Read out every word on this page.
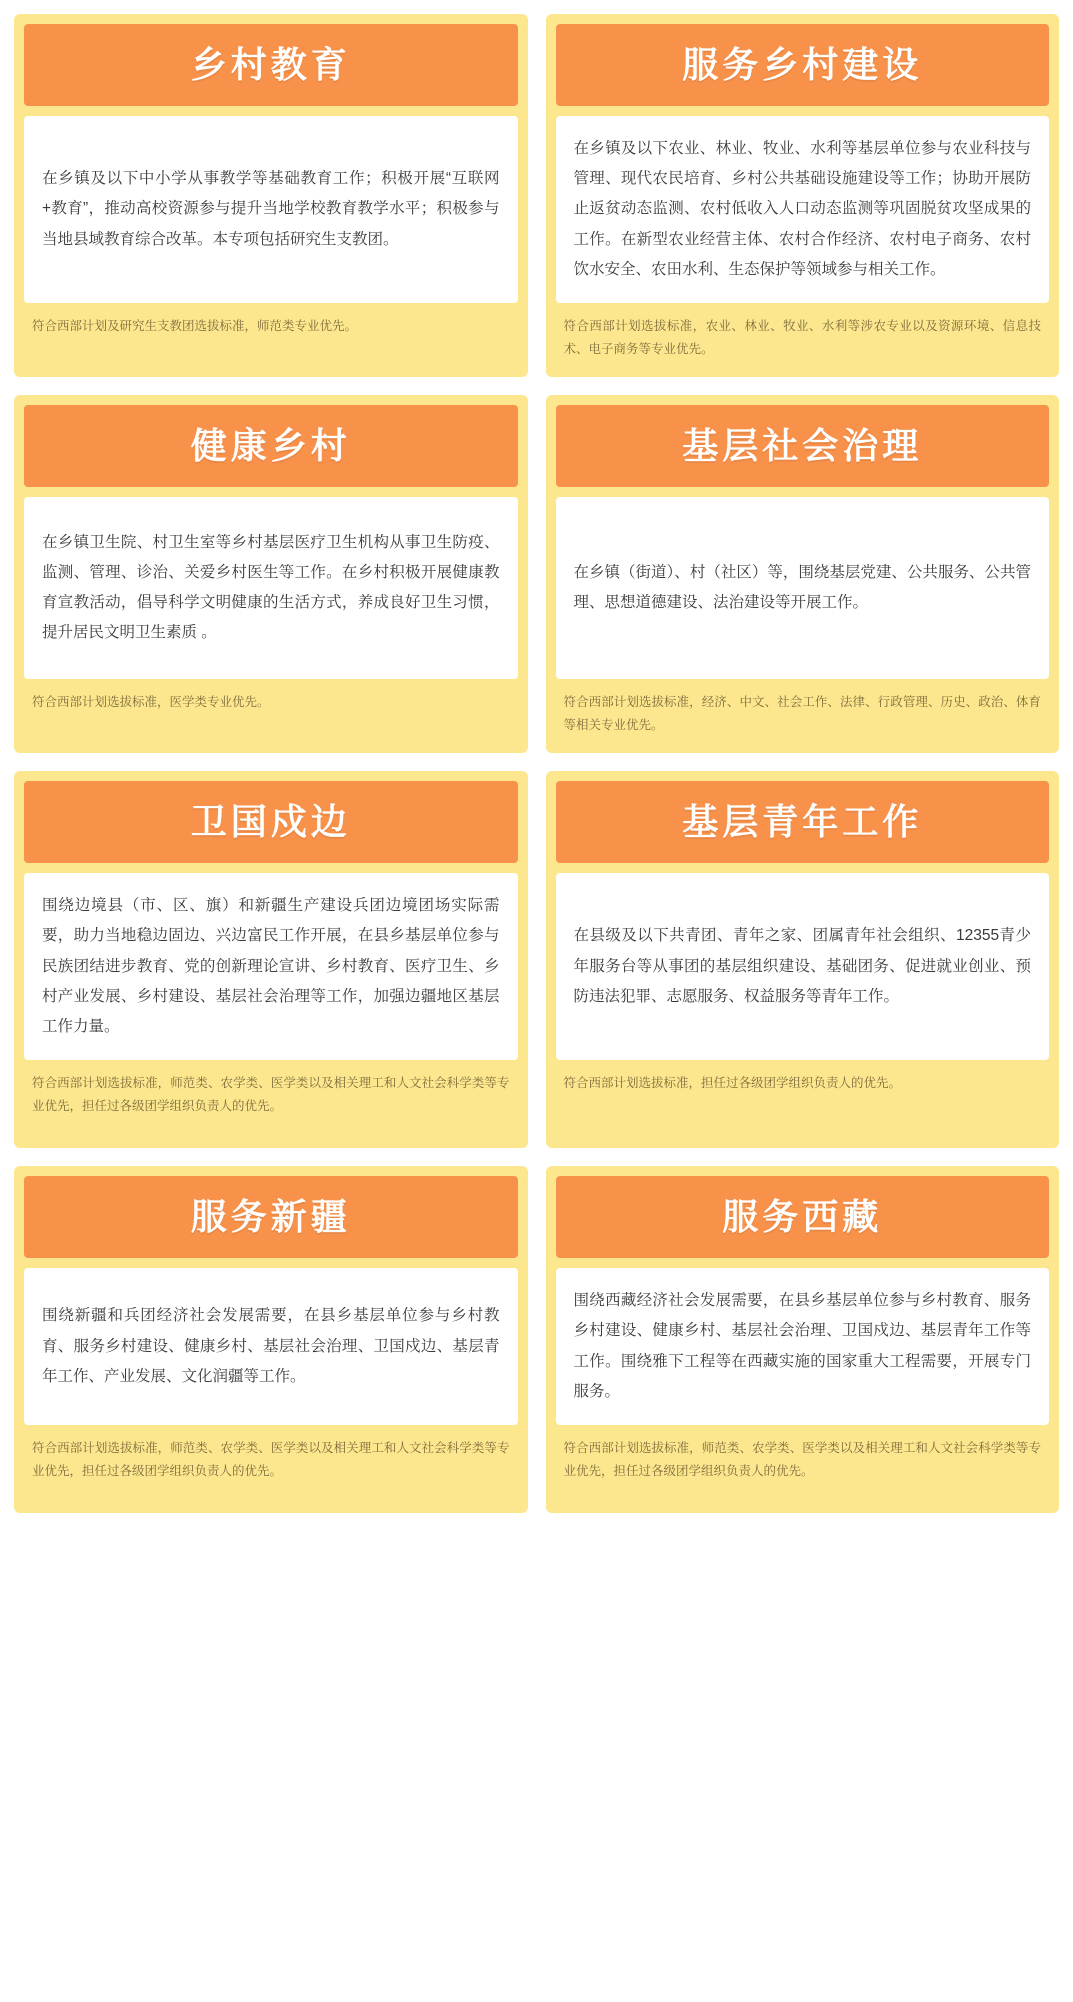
乡村教育

在乡镇及以下中小学从事教学等基础教育工作；积极开展“互联网+教育”，推动高校资源参与提升当地学校教育教学水平；积极参与当地县域教育综合改革。本专项包括研究生支教团。

符合西部计划及研究生支教团选拔标准，师范类专业优先。
服务乡村建设

在乡镇及以下农业、林业、牧业、水利等基层单位参与农业科技与管理、现代农民培育、乡村公共基础设施建设等工作；协助开展防止返贫动态监测、农村低收入人口动态监测等巩固脱贫攻坚成果的工作。在新型农业经营主体、农村合作经济、农村电子商务、农村饮水安全、农田水利、生态保护等领域参与相关工作。

符合西部计划选拔标准，农业、林业、牧业、水利等涉农专业以及资源环境、信息技术、电子商务等专业优先。
健康乡村

在乡镇卫生院、村卫生室等乡村基层医疗卫生机构从事卫生防疫、监测、管理、诊治、关爱乡村医生等工作。在乡村积极开展健康教育宣教活动，倡导科学文明健康的生活方式，养成良好卫生习惯，提升居民文明卫生素质 。

符合西部计划选拔标准，医学类专业优先。
基层社会治理

在乡镇（街道）、村（社区）等，围绕基层党建、公共服务、公共管理、思想道德建设、法治建设等开展工作。

符合西部计划选拔标准，经济、中文、社会工作、法律、行政管理、历史、政治、体育等相关专业优先。
卫国戍边

围绕边境县（市、区、旗）和新疆生产建设兵团边境团场实际需要，助力当地稳边固边、兴边富民工作开展，在县乡基层单位参与民族团结进步教育、党的创新理论宣讲、乡村教育、医疗卫生、乡村产业发展、乡村建设、基层社会治理等工作，加强边疆地区基层工作力量。

符合西部计划选拔标准，师范类、农学类、医学类以及相关理工和人文社会科学类等专业优先，担任过各级团学组织负责人的优先。
基层青年工作

在县级及以下共青团、青年之家、团属青年社会组织、12355青少年服务台等从事团的基层组织建设、基础团务、促进就业创业、预防违法犯罪、志愿服务、权益服务等青年工作。

符合西部计划选拔标准，担任过各级团学组织负责人的优先。
服务新疆

围绕新疆和兵团经济社会发展需要，在县乡基层单位参与乡村教育、服务乡村建设、健康乡村、基层社会治理、卫国戍边、基层青年工作、产业发展、文化润疆等工作。

符合西部计划选拔标准，师范类、农学类、医学类以及相关理工和人文社会科学类等专业优先，担任过各级团学组织负责人的优先。
服务西藏

围绕西藏经济社会发展需要，在县乡基层单位参与乡村教育、服务乡村建设、健康乡村、基层社会治理、卫国戍边、基层青年工作等工作。围绕雅下工程等在西藏实施的国家重大工程需要，开展专门服务。

符合西部计划选拔标准，师范类、农学类、医学类以及相关理工和人文社会科学类等专业优先，担任过各级团学组织负责人的优先。
